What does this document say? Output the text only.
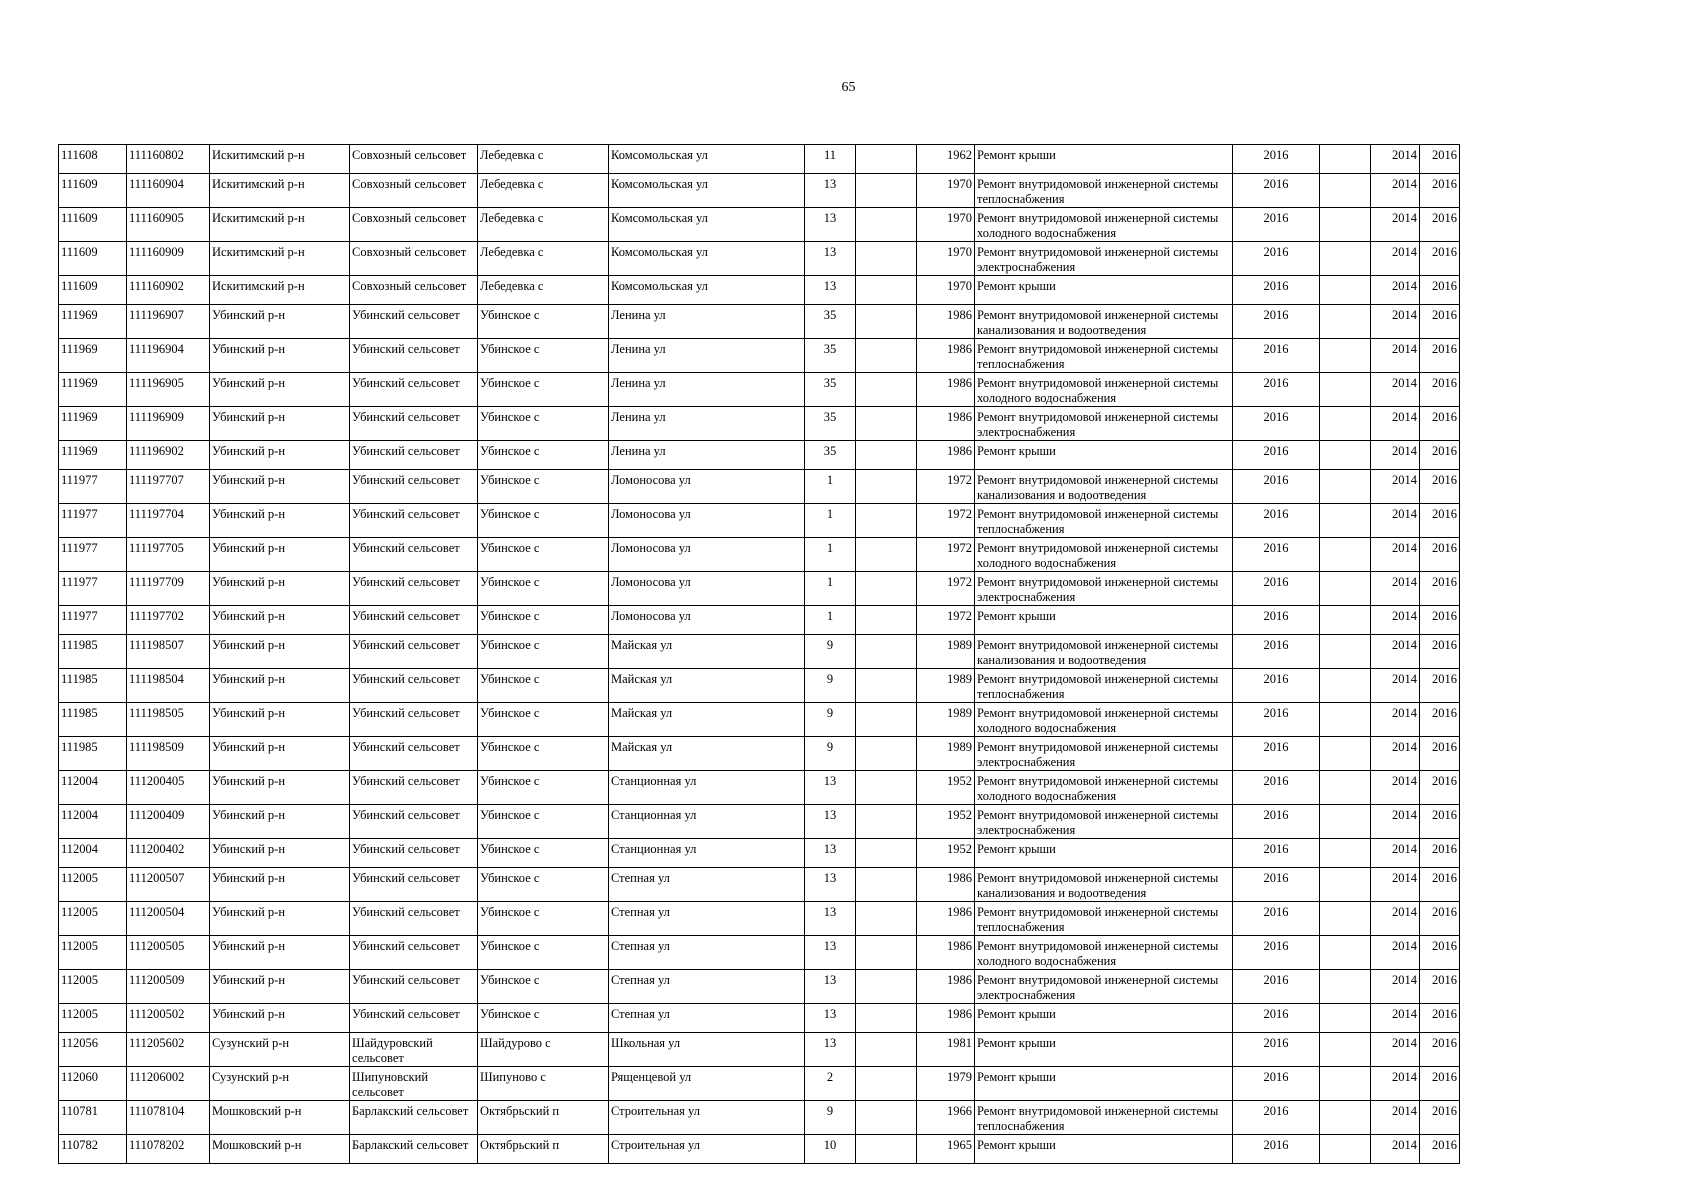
65
111608	111160802	Искитимский р-н	Совхозный сельсовет	Лебедевка с	Комсомольская ул	11		1962	Ремонт крыши	2016		2014	2016
111609	111160904	Искитимский р-н	Совхозный сельсовет	Лебедевка с	Комсомольская ул	13		1970	Ремонт внутридомовой инженерной системы теплоснабжения	2016		2014	2016
111609	111160905	Искитимский р-н	Совхозный сельсовет	Лебедевка с	Комсомольская ул	13		1970	Ремонт внутридомовой инженерной системы холодного водоснабжения	2016		2014	2016
111609	111160909	Искитимский р-н	Совхозный сельсовет	Лебедевка с	Комсомольская ул	13		1970	Ремонт внутридомовой инженерной системы электроснабжения	2016		2014	2016
111609	111160902	Искитимский р-н	Совхозный сельсовет	Лебедевка с	Комсомольская ул	13		1970	Ремонт крыши	2016		2014	2016
111969	111196907	Убинский р-н	Убинский сельсовет	Убинское с	Ленина ул	35		1986	Ремонт внутридомовой инженерной системы канализования и водоотведения	2016		2014	2016
111969	111196904	Убинский р-н	Убинский сельсовет	Убинское с	Ленина ул	35		1986	Ремонт внутридомовой инженерной системы теплоснабжения	2016		2014	2016
111969	111196905	Убинский р-н	Убинский сельсовет	Убинское с	Ленина ул	35		1986	Ремонт внутридомовой инженерной системы холодного водоснабжения	2016		2014	2016
111969	111196909	Убинский р-н	Убинский сельсовет	Убинское с	Ленина ул	35		1986	Ремонт внутридомовой инженерной системы электроснабжения	2016		2014	2016
111969	111196902	Убинский р-н	Убинский сельсовет	Убинское с	Ленина ул	35		1986	Ремонт крыши	2016		2014	2016
111977	111197707	Убинский р-н	Убинский сельсовет	Убинское с	Ломоносова ул	1		1972	Ремонт внутридомовой инженерной системы канализования и водоотведения	2016		2014	2016
111977	111197704	Убинский р-н	Убинский сельсовет	Убинское с	Ломоносова ул	1		1972	Ремонт внутридомовой инженерной системы теплоснабжения	2016		2014	2016
111977	111197705	Убинский р-н	Убинский сельсовет	Убинское с	Ломоносова ул	1		1972	Ремонт внутридомовой инженерной системы холодного водоснабжения	2016		2014	2016
111977	111197709	Убинский р-н	Убинский сельсовет	Убинское с	Ломоносова ул	1		1972	Ремонт внутридомовой инженерной системы электроснабжения	2016		2014	2016
111977	111197702	Убинский р-н	Убинский сельсовет	Убинское с	Ломоносова ул	1		1972	Ремонт крыши	2016		2014	2016
111985	111198507	Убинский р-н	Убинский сельсовет	Убинское с	Майская ул	9		1989	Ремонт внутридомовой инженерной системы канализования и водоотведения	2016		2014	2016
111985	111198504	Убинский р-н	Убинский сельсовет	Убинское с	Майская ул	9		1989	Ремонт внутридомовой инженерной системы теплоснабжения	2016		2014	2016
111985	111198505	Убинский р-н	Убинский сельсовет	Убинское с	Майская ул	9		1989	Ремонт внутридомовой инженерной системы холодного водоснабжения	2016		2014	2016
111985	111198509	Убинский р-н	Убинский сельсовет	Убинское с	Майская ул	9		1989	Ремонт внутридомовой инженерной системы электроснабжения	2016		2014	2016
112004	111200405	Убинский р-н	Убинский сельсовет	Убинское с	Станционная ул	13		1952	Ремонт внутридомовой инженерной системы холодного водоснабжения	2016		2014	2016
112004	111200409	Убинский р-н	Убинский сельсовет	Убинское с	Станционная ул	13		1952	Ремонт внутридомовой инженерной системы электроснабжения	2016		2014	2016
112004	111200402	Убинский р-н	Убинский сельсовет	Убинское с	Станционная ул	13		1952	Ремонт крыши	2016		2014	2016
112005	111200507	Убинский р-н	Убинский сельсовет	Убинское с	Степная ул	13		1986	Ремонт внутридомовой инженерной системы канализования и водоотведения	2016		2014	2016
112005	111200504	Убинский р-н	Убинский сельсовет	Убинское с	Степная ул	13		1986	Ремонт внутридомовой инженерной системы теплоснабжения	2016		2014	2016
112005	111200505	Убинский р-н	Убинский сельсовет	Убинское с	Степная ул	13		1986	Ремонт внутридомовой инженерной системы холодного водоснабжения	2016		2014	2016
112005	111200509	Убинский р-н	Убинский сельсовет	Убинское с	Степная ул	13		1986	Ремонт внутридомовой инженерной системы электроснабжения	2016		2014	2016
112005	111200502	Убинский р-н	Убинский сельсовет	Убинское с	Степная ул	13		1986	Ремонт крыши	2016		2014	2016
112056	111205602	Сузунский р-н	Шайдуровский сельсовет	Шайдурово с	Школьная ул	13		1981	Ремонт крыши	2016		2014	2016
112060	111206002	Сузунский р-н	Шипуновский сельсовет	Шипуново с	Рященцевой ул	2		1979	Ремонт крыши	2016		2014	2016
110781	111078104	Мошковский р-н	Барлакский сельсовет	Октябрьский п	Строительная ул	9		1966	Ремонт внутридомовой инженерной системы теплоснабжения	2016		2014	2016
110782	111078202	Мошковский р-н	Барлакский сельсовет	Октябрьский п	Строительная ул	10		1965	Ремонт крыши	2016		2014	2016
